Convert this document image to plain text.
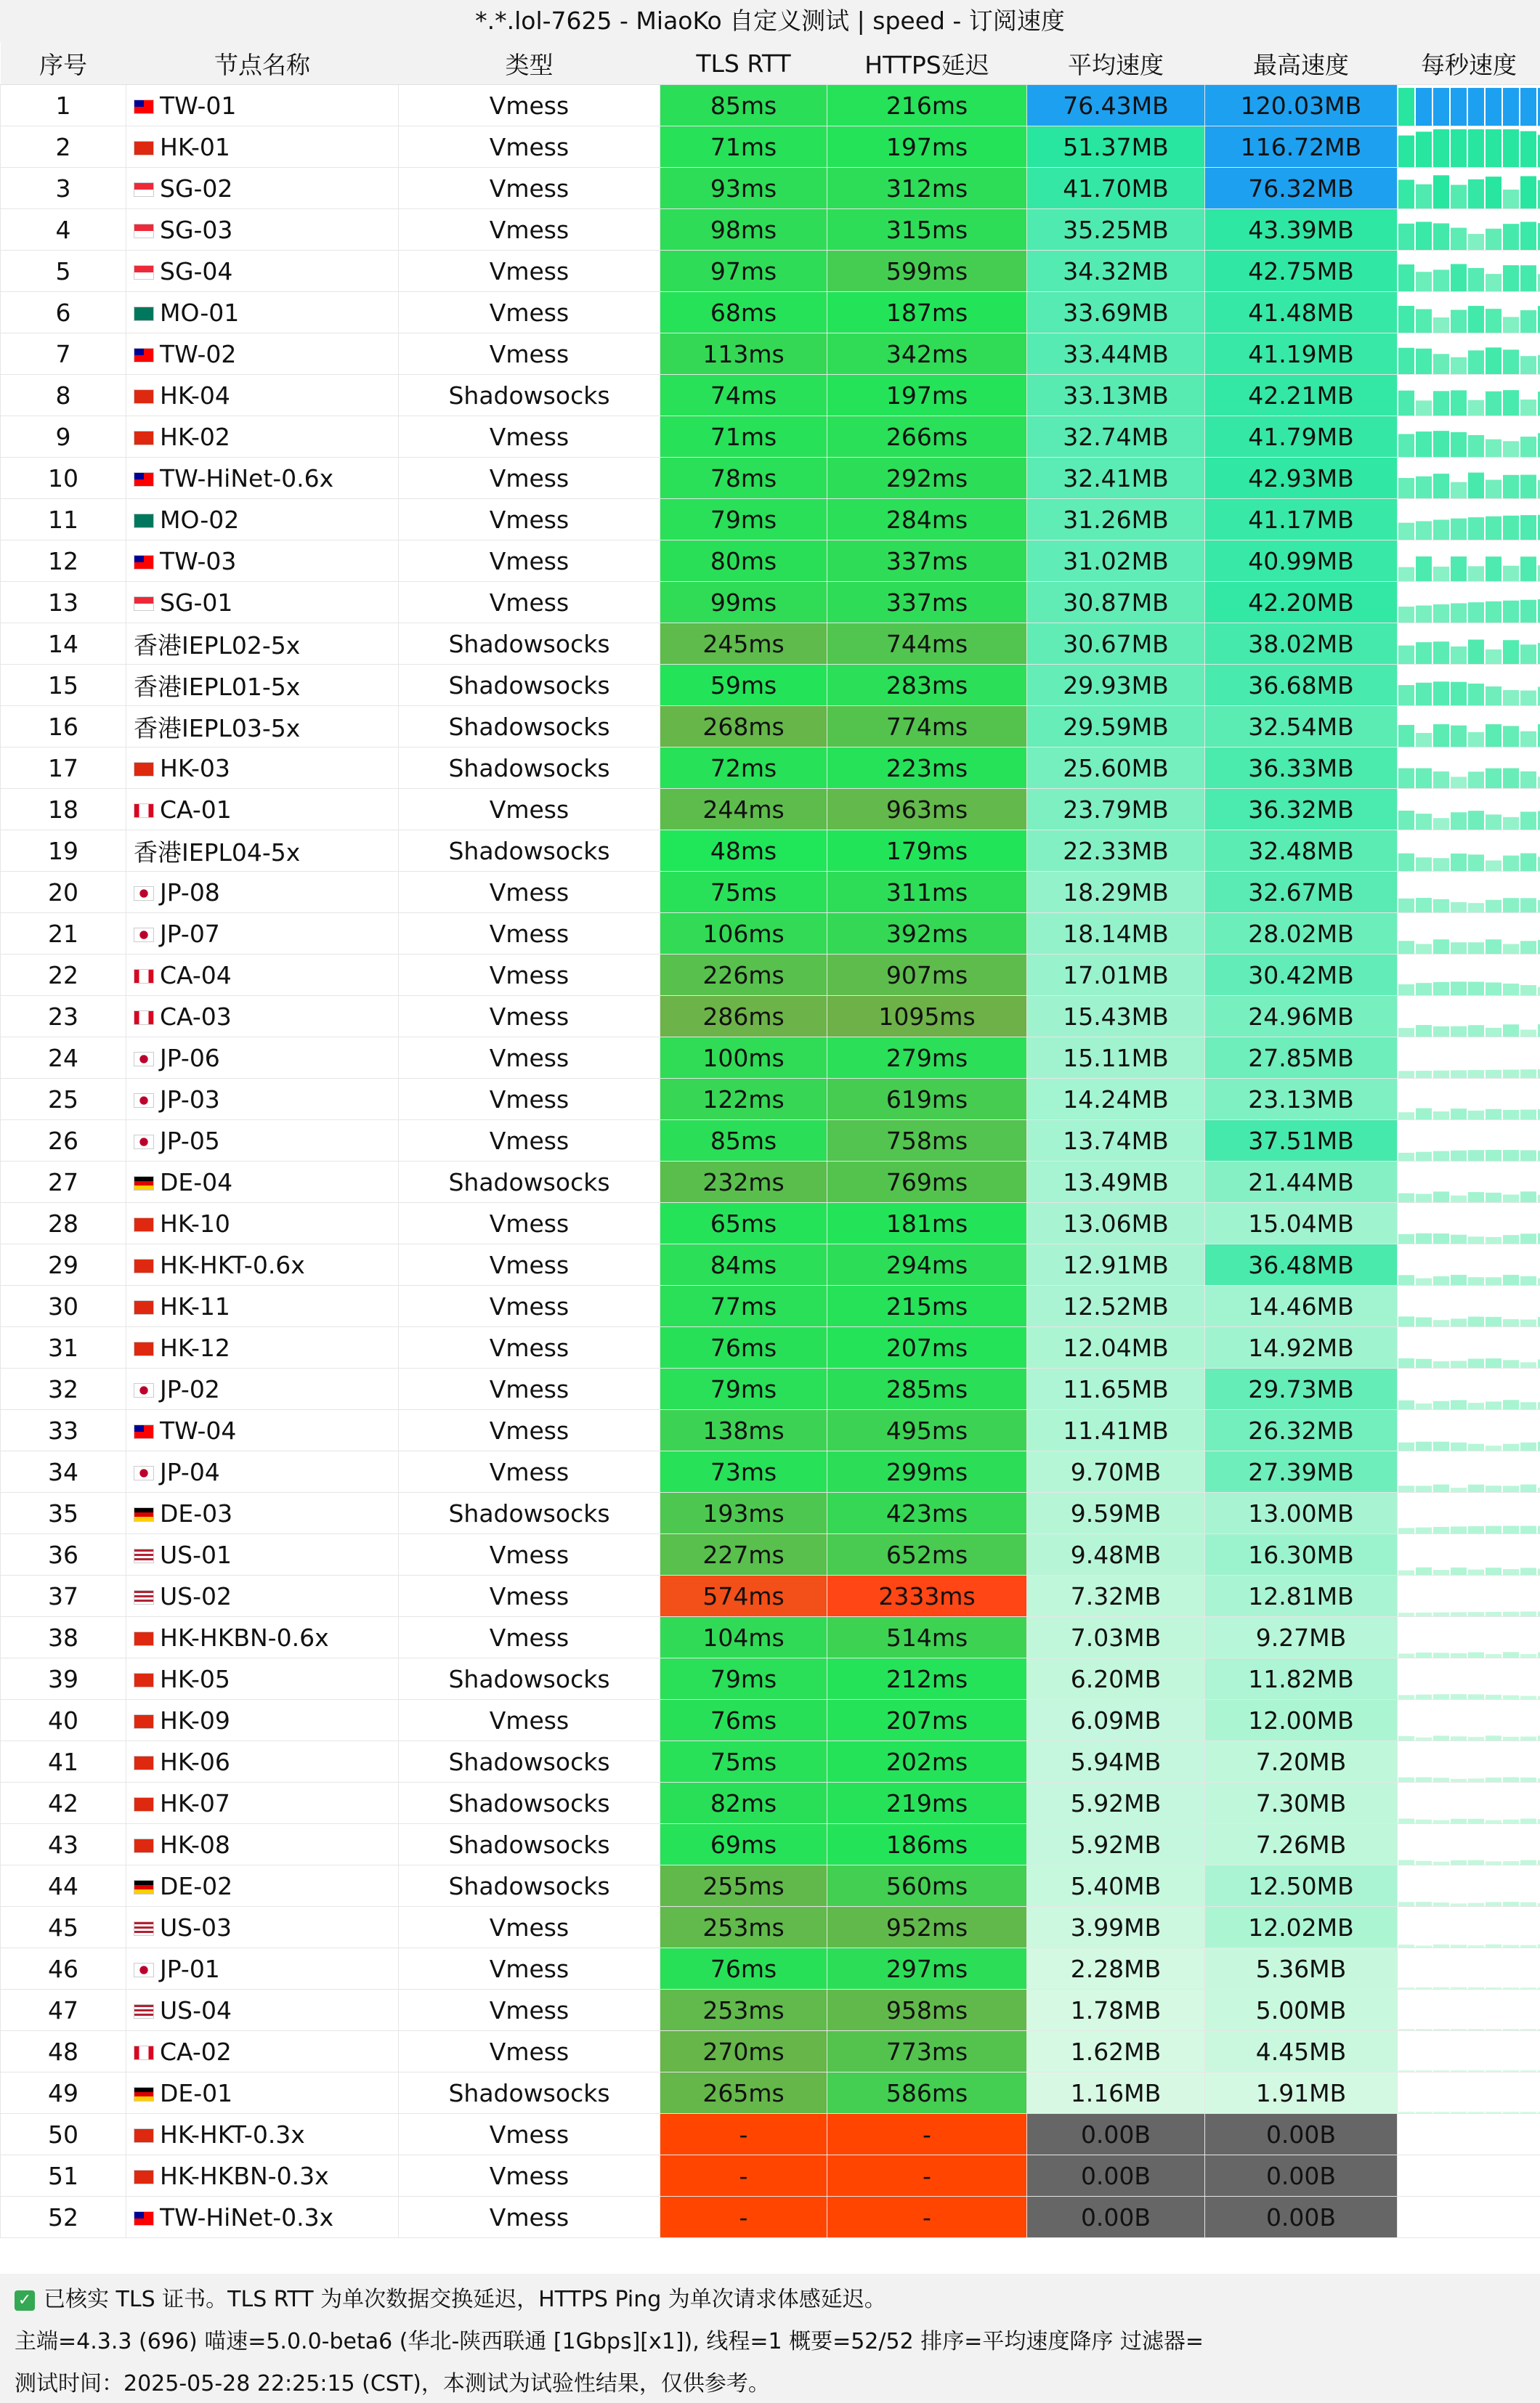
*.*.lol-7625 - MiaoKo 自定义测试 | speed - 订阅速度
序号	节点名称	类型	TLS RTT	HTTPS延迟	平均速度	最高速度	每秒速度
1	TW-01	Vmess	85ms	216ms	76.43MB	120.03MB	

2	HK-01	Vmess	71ms	197ms	51.37MB	116.72MB	

3	SG-02	Vmess	93ms	312ms	41.70MB	76.32MB	

4	SG-03	Vmess	98ms	315ms	35.25MB	43.39MB	

5	SG-04	Vmess	97ms	599ms	34.32MB	42.75MB	

6	MO-01	Vmess	68ms	187ms	33.69MB	41.48MB	

7	TW-02	Vmess	113ms	342ms	33.44MB	41.19MB	

8	HK-04	Shadowsocks	74ms	197ms	33.13MB	42.21MB	

9	HK-02	Vmess	71ms	266ms	32.74MB	41.79MB	

10	TW-HiNet-0.6x	Vmess	78ms	292ms	32.41MB	42.93MB	

11	MO-02	Vmess	79ms	284ms	31.26MB	41.17MB	

12	TW-03	Vmess	80ms	337ms	31.02MB	40.99MB	

13	SG-01	Vmess	99ms	337ms	30.87MB	42.20MB	

14	香港IEPL02-5x	Shadowsocks	245ms	744ms	30.67MB	38.02MB	

15	香港IEPL01-5x	Shadowsocks	59ms	283ms	29.93MB	36.68MB	

16	香港IEPL03-5x	Shadowsocks	268ms	774ms	29.59MB	32.54MB	

17	HK-03	Shadowsocks	72ms	223ms	25.60MB	36.33MB	

18	CA-01	Vmess	244ms	963ms	23.79MB	36.32MB	

19	香港IEPL04-5x	Shadowsocks	48ms	179ms	22.33MB	32.48MB	

20	JP-08	Vmess	75ms	311ms	18.29MB	32.67MB	

21	JP-07	Vmess	106ms	392ms	18.14MB	28.02MB	

22	CA-04	Vmess	226ms	907ms	17.01MB	30.42MB	

23	CA-03	Vmess	286ms	1095ms	15.43MB	24.96MB	

24	JP-06	Vmess	100ms	279ms	15.11MB	27.85MB	

25	JP-03	Vmess	122ms	619ms	14.24MB	23.13MB	

26	JP-05	Vmess	85ms	758ms	13.74MB	37.51MB	

27	DE-04	Shadowsocks	232ms	769ms	13.49MB	21.44MB	

28	HK-10	Vmess	65ms	181ms	13.06MB	15.04MB	

29	HK-HKT-0.6x	Vmess	84ms	294ms	12.91MB	36.48MB	

30	HK-11	Vmess	77ms	215ms	12.52MB	14.46MB	

31	HK-12	Vmess	76ms	207ms	12.04MB	14.92MB	

32	JP-02	Vmess	79ms	285ms	11.65MB	29.73MB	

33	TW-04	Vmess	138ms	495ms	11.41MB	26.32MB	

34	JP-04	Vmess	73ms	299ms	9.70MB	27.39MB	

35	DE-03	Shadowsocks	193ms	423ms	9.59MB	13.00MB	

36	US-01	Vmess	227ms	652ms	9.48MB	16.30MB	

37	US-02	Vmess	574ms	2333ms	7.32MB	12.81MB	

38	HK-HKBN-0.6x	Vmess	104ms	514ms	7.03MB	9.27MB	

39	HK-05	Shadowsocks	79ms	212ms	6.20MB	11.82MB	

40	HK-09	Vmess	76ms	207ms	6.09MB	12.00MB	

41	HK-06	Shadowsocks	75ms	202ms	5.94MB	7.20MB	

42	HK-07	Shadowsocks	82ms	219ms	5.92MB	7.30MB	

43	HK-08	Shadowsocks	69ms	186ms	5.92MB	7.26MB	

44	DE-02	Shadowsocks	255ms	560ms	5.40MB	12.50MB	

45	US-03	Vmess	253ms	952ms	3.99MB	12.02MB	

46	JP-01	Vmess	76ms	297ms	2.28MB	5.36MB	

47	US-04	Vmess	253ms	958ms	1.78MB	5.00MB	

48	CA-02	Vmess	270ms	773ms	1.62MB	4.45MB	

49	DE-01	Shadowsocks	265ms	586ms	1.16MB	1.91MB	

50	HK-HKT-0.3x	Vmess	-	-	0.00B	0.00B	
51	HK-HKBN-0.3x	Vmess	-	-	0.00B	0.00B	
52	TW-HiNet-0.3x	Vmess	-	-	0.00B	0.00B	
✓ 已核实 TLS 证书。TLS RTT 为单次数据交换延迟，HTTPS Ping 为单次请求体感延迟。
主端=4.3.3 (696) 喵速=5.0.0-beta6 (华北-陕西联通 [1Gbps][x1]), 线程=1 概要=52/52 排序=平均速度降序 过滤器=
测试时间：2025-05-28 22:25:15 (CST)，本测试为试验性结果，仅供参考。
